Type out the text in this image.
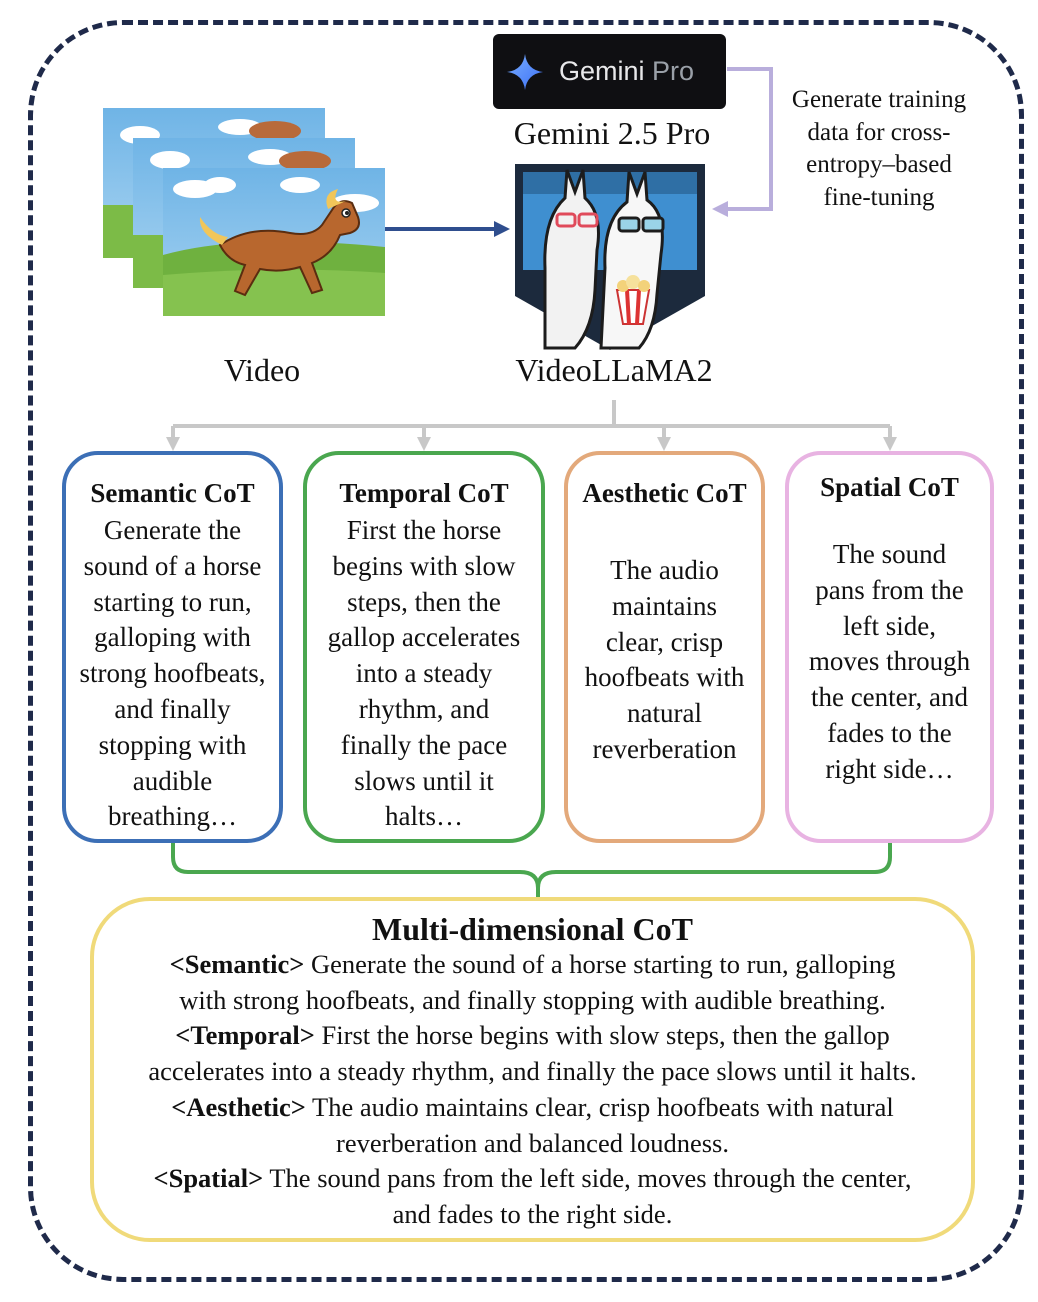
Video
Gemini Pro
Gemini 2.5 Pro
Generate training
data for cross-
entropy–based
fine-tuning
VideoLLaMA2
Semantic CoT

Generate the
sound of a horse
starting to run,
galloping with
strong hoofbeats,
and finally
stopping with
audible
breathing…

Temporal CoT

First the horse
begins with slow
steps, then the
gallop accelerates
into a steady
rhythm, and
finally the pace
slows until it
halts…

Aesthetic CoT

The audio
maintains
clear, crisp
hoofbeats with
natural
reverberation

Spatial CoT

The sound
pans from the
left side,
moves through
the center, and
fades to the
right side…

Multi-dimensional CoT

<Semantic> Generate the sound of a horse starting to run, galloping

with strong hoofbeats, and finally stopping with audible breathing.

<Temporal> First the horse begins with slow steps, then the gallop

accelerates into a steady rhythm, and finally the pace slows until it halts.

<Aesthetic> The audio maintains clear, crisp hoofbeats with natural

reverberation and balanced loudness.

<Spatial> The sound pans from the left side, moves through the center,

and fades to the right side.
